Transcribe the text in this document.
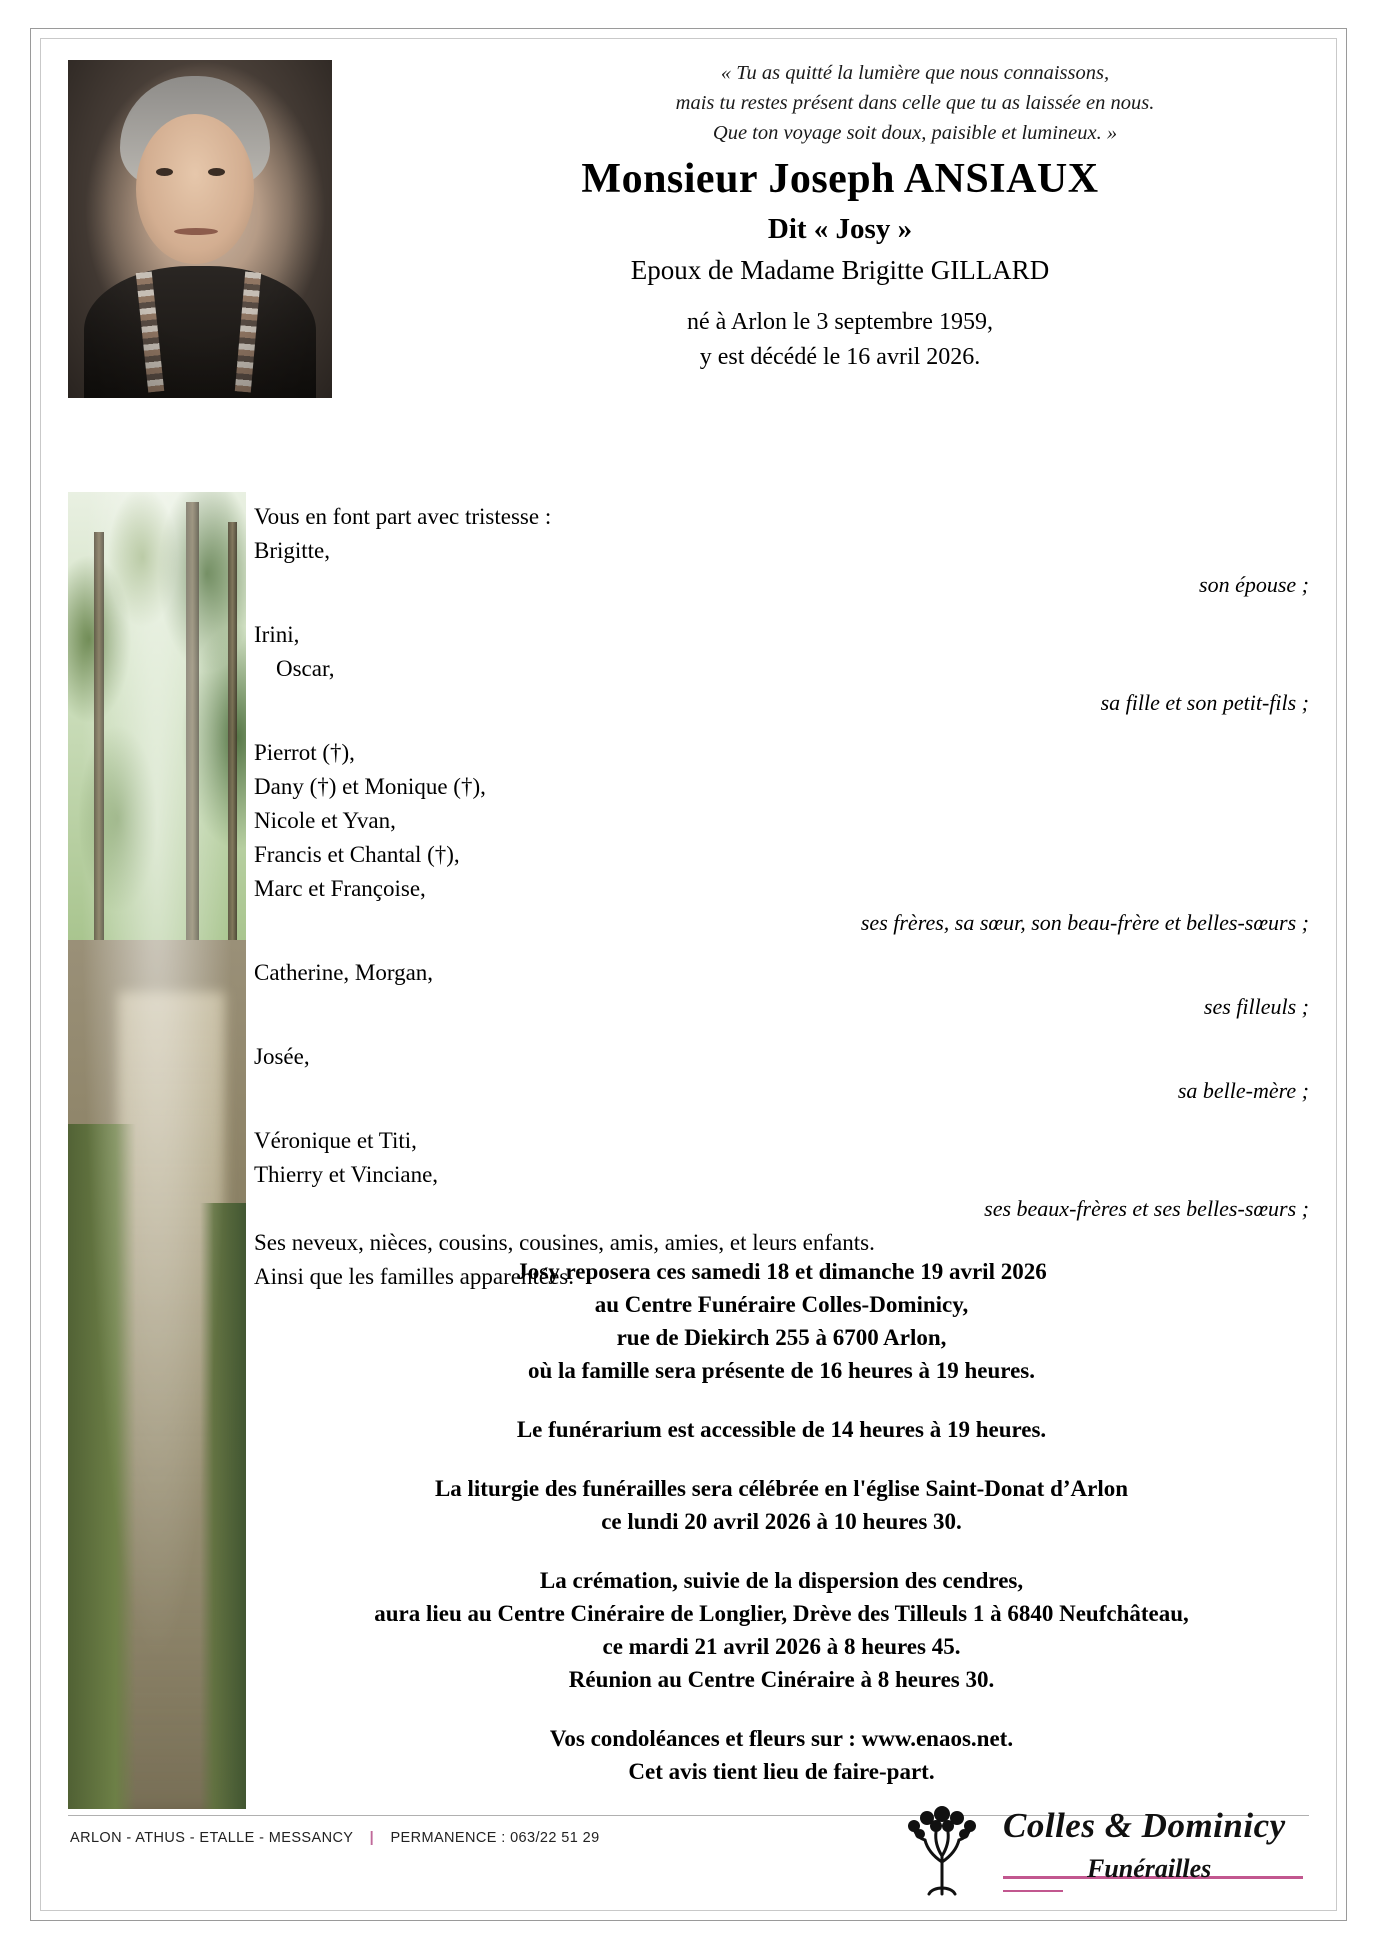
« Tu as quitté la lumière que nous connaissons,
mais tu restes présent dans celle que tu as laissée en nous.
Que ton voyage soit doux, paisible et lumineux. »
Monsieur Joseph ANSIAUX
Dit « Josy »
Epoux de Madame Brigitte GILLARD
né à Arlon le 3 septembre 1959,
y est décédé le 16 avril 2026.
Vous en font part avec tristesse :
Brigitte,
son épouse ;
Irini,
Oscar,
sa fille et son petit-fils ;
Pierrot (†),
Dany (†) et Monique (†),
Nicole et Yvan,
Francis et Chantal (†),
Marc et Françoise,
ses frères, sa sœur, son beau-frère et belles-sœurs ;
Catherine, Morgan,
ses filleuls ;
Josée,
sa belle-mère ;
Véronique et Titi,
Thierry et Vinciane,
ses beaux-frères et ses belles-sœurs ;
Ses neveux, nièces, cousins, cousines, amis, amies, et leurs enfants.
Ainsi que les familles apparentées.
Josy reposera ces samedi 18 et dimanche 19 avril 2026
au Centre Funéraire Colles-Dominicy,
rue de Diekirch 255 à 6700 Arlon,
où la famille sera présente de 16 heures à 19 heures.
Le funérarium est accessible de 14 heures à 19 heures.
La liturgie des funérailles sera célébrée en l'église Saint-Donat d’Arlon
ce lundi 20 avril 2026 à 10 heures 30.
La crémation, suivie de la dispersion des cendres,
aura lieu au Centre Cinéraire de Longlier, Drève des Tilleuls 1 à 6840 Neufchâteau,
ce mardi 21 avril 2026 à 8 heures 45.
Réunion au Centre Cinéraire à 8 heures 30.
Vos condoléances et fleurs sur : www.enaos.net.
Cet avis tient lieu de faire-part.
ARLON - ATHUS - ETALLE - MESSANCY | PERMANENCE : 063/22 51 29	Colles & Dominicy
Funérailles
